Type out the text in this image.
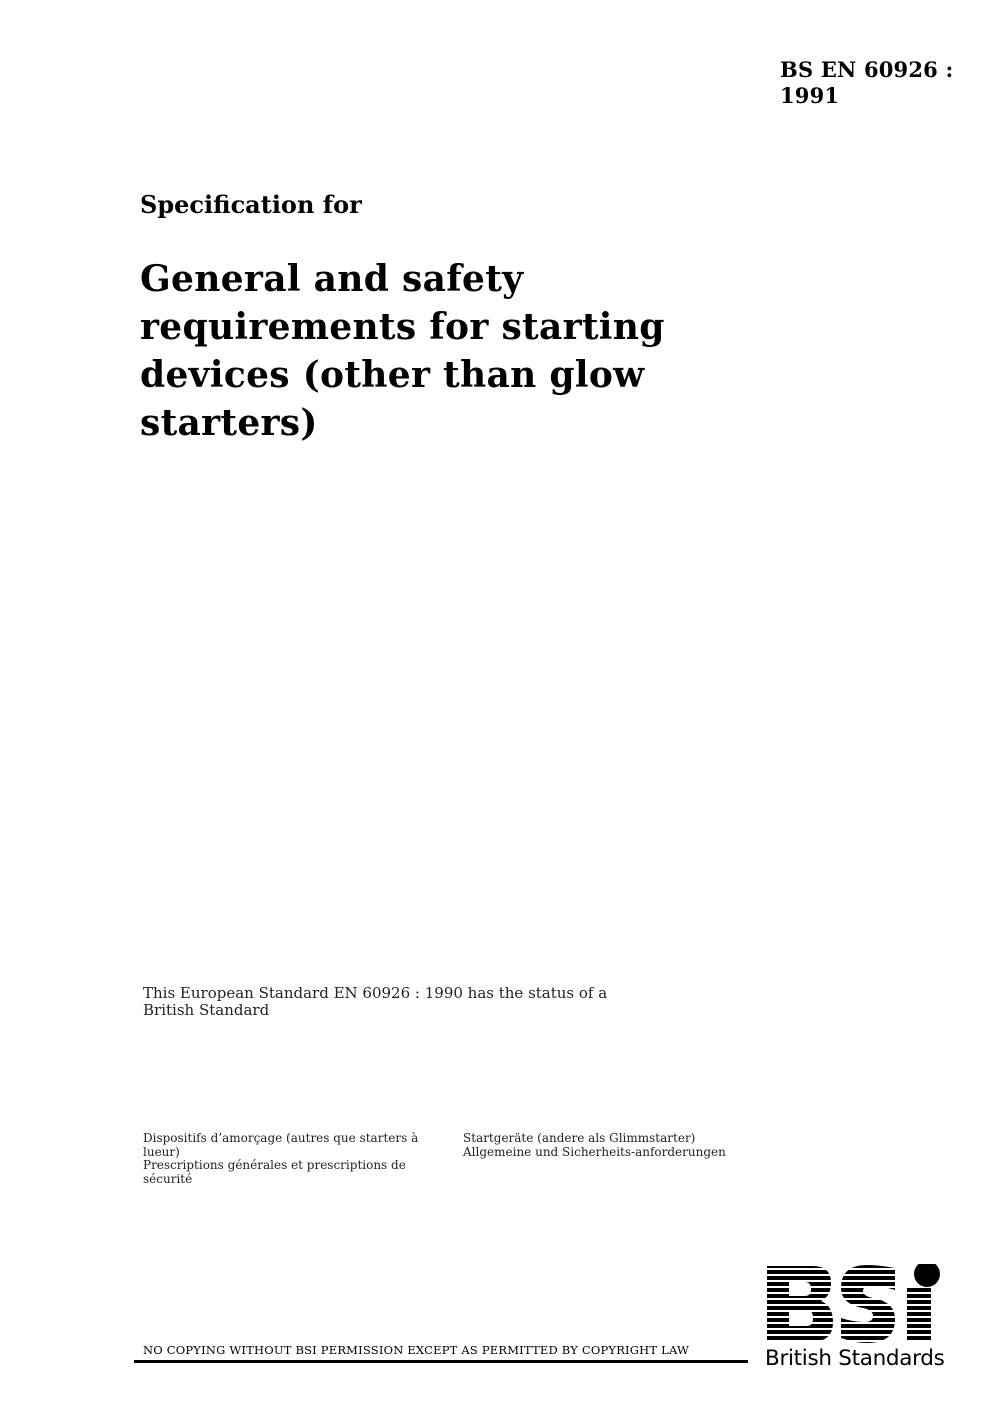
BS EN 60926 :
1991
Specification for
General and safety
requirements for starting
devices (other than glow
starters)
This European Standard EN 60926 : 1990 has the status of a
British Standard
Dispositifs d’amorçage (autres que starters à
lueur)
Prescriptions générales et prescriptions de
sécurité
Startgeräte (andere als Glimmstarter)
Allgemeine und Sicherheits-anforderungen
NO COPYING WITHOUT BSI PERMISSION EXCEPT AS PERMITTED BY COPYRIGHT LAW	British Standards
